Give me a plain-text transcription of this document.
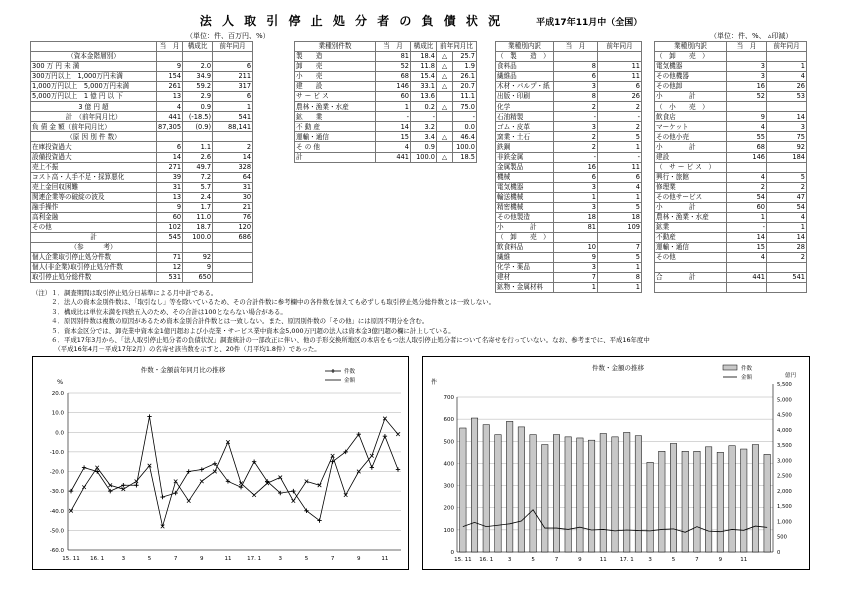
法 人 取 引 停 止 処 分 者 の 負 債 状 況	平成17年11月中（全国）
（単位：件、百万円、%）	（単位：件、%、 ▵印減）
	当　月	構成比	前年同月
（資本金階層別）			
300 万 円 未 満	9	2.0	6
300万円以上　1,000万円未満	154	34.9	211
1,000万円以上　5,000万円未満	261	59.2	317
5,000万円以上　1 億 円 以 下	13	2.9	6
3 億 円 超	4	0.9	1
計　（前年同月比）	441	(-18.5)	541
負 債 金 額（前年同月比）	87,305	(0.9)	88,141
（原 因 別 件 数）			
在庫投資過大	6	1.1	2
設備投資過大	14	2.6	14
売上不振	271	49.7	328
コスト高・人手不足・採算悪化	39	7.2	64
売上金回収困難	31	5.7	31
関連企業等の破綻の波及	13	2.4	30
融手操作	9	1.7	21
高利金融	60	11.0	76
その他	102	18.7	120
計	545	100.0	686
（参　　　考）			
個人企業取引停止処分件数	71	92	
個人(非企業)取引停止処分件数	12	9	
取引停止処分総件数	531	650	
業種別件数	当　月	構成比	前年同月比	
製　　造	81	18.4	△	25.7
卸　　売	52	11.8	△	1.9
小　　売	68	15.4	△	26.1
建　　設	146	33.1	△	20.7
サ ー ビ ス	60	13.6		11.1
農林・漁業・水産	1	0.2	△	75.0
鉱　　業	-	-		-
不 動 産	14	3.2		0.0
運輸・通信	15	3.4	△	46.4
そ の 他	4	0.9		100.0
計	441	100.0	△	18.5
業種別内訳	当　月	前年同月
（　製　　造　）		
食料品	8	11
繊維品	6	11
木材・パルプ・紙	3	6
出版・印刷	8	26
化学	2	2
石油精製	-	-
ゴム・皮革	3	2
窯業・土石	2	5
鉄鋼	2	1
非鉄金属	-	-
金属製品	16	11
機械	6	6
電気機器	3	4
輸送機械	1	1
精密機械	3	5
その他製造	18	18
小　　　　計	81	109
（　卸　　売　）		
飲食料品	10	7
繊維	9	5
化学・薬品	3	1
建材	7	8
鉱物・金属材料	1	1
業種別内訳	当　月	前年同月
（　卸　　売　）		
電気機器	3	1
その他機器	3	4
その他卸	16	26
小　　　　計	52	53
（　小　　売　）		
飲食店	9	14
マーケット	4	3
その他小売	55	75
小　　　　計	68	92
建設	146	184
（　サ ー ビ ス　）		
興行・旅館	4	5
修理業	2	2
その他サービス	54	47
小　　　　計	60	54
農林・漁業・水産	1	4
鉱業	-	1
不動産	14	14
運輸・通信	15	28
その他	4	2

合　　　　計	441	541

（注）１．調査期間は取引停止処分日基準による月中計である。
　　　２．法人の資本金別件数は、「取引なし」等を除いているため、その合計件数に参考欄中の各件数を加えても必ずしも取引停止処分総件数とは一致しない。
　　　３．構成比は単位未満を四捨五入のため、その合計は100とならない場合がある。
　　　４．原因別件数は複数の原因があるため資本金別合計件数とは一致しない。また、原因別件数の「その他」には原因不明分を含む。
　　　５．資本金区分では、卸売業中資本金1億円超および小売業・サービス業中資本金5,000万円超の法人は資本金3億円超の欄に計上している。
　　　６．平成17年3月から、「法人取引停止処分者の負債状況」調査統計の一部改正に伴い、他の手形交換所地区の本店をもつ法人取引停止処分者について名寄せを行っていない。なお、参考までに、平成16年度中
　　　　（平成16年4月－平成17年2月）の名寄せ該当数を示すと、20件（月平均1.8件）であった。
件数・金額前年同月比の推移
%
20.0
10.0
0.0
-10.0
-20.0
-30.0
-40.0
-50.0
-60.0
15. 11 16. 1	3	5	7	9	11	17. 1	3	5	7	9	11
件数
金額
件数・金額の推移
件
億円
700
600
500
400
300
200
100
0
5,500
5,000
4,500
4,000
3,500
3,000
2,500
2,000
1,500
1,000
500
0
15. 11 16. 1	3	5	7	9	11 17. 1	3	5	7	9	11
件数
金額
